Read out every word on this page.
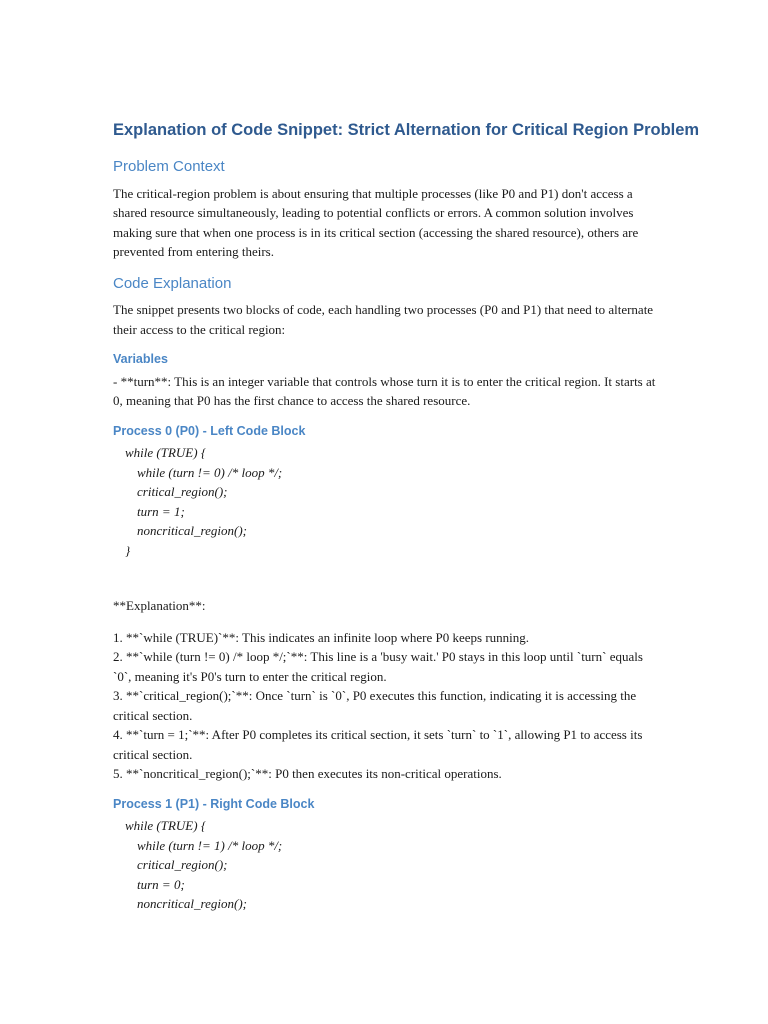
Explanation of Code Snippet: Strict Alternation for Critical Region Problem
Problem Context

The critical-region problem is about ensuring that multiple processes (like P0 and P1) don't access a shared resource simultaneously, leading to potential conflicts or errors. A common solution involves making sure that when one process is in its critical section (accessing the shared resource), others are prevented from entering theirs.

Code Explanation

The snippet presents two blocks of code, each handling two processes (P0 and P1) that need to alternate their access to the critical region:

Variables

- **turn**: This is an integer variable that controls whose turn it is to enter the critical region. It starts at 0, meaning that P0 has the first chance to access the shared resource.

Process 0 (P0) - Left Code Block
while (TRUE) {
while (turn != 0) /* loop */;
critical_region();
turn = 1;
noncritical_region();
}

**Explanation**:

1. **`while (TRUE)`**: This indicates an infinite loop where P0 keeps running.

2. **`while (turn != 0) /* loop */;`**: This line is a 'busy wait.' P0 stays in this loop until `turn` equals `0`, meaning it's P0's turn to enter the critical region.

3. **`critical_region();`**: Once `turn` is `0`, P0 executes this function, indicating it is accessing the critical section.

4. **`turn = 1;`**: After P0 completes its critical section, it sets `turn` to `1`, allowing P1 to access its critical section.

5. **`noncritical_region();`**: P0 then executes its non-critical operations.

Process 1 (P1) - Right Code Block
while (TRUE) {
while (turn != 1) /* loop */;
critical_region();
turn = 0;
noncritical_region();
